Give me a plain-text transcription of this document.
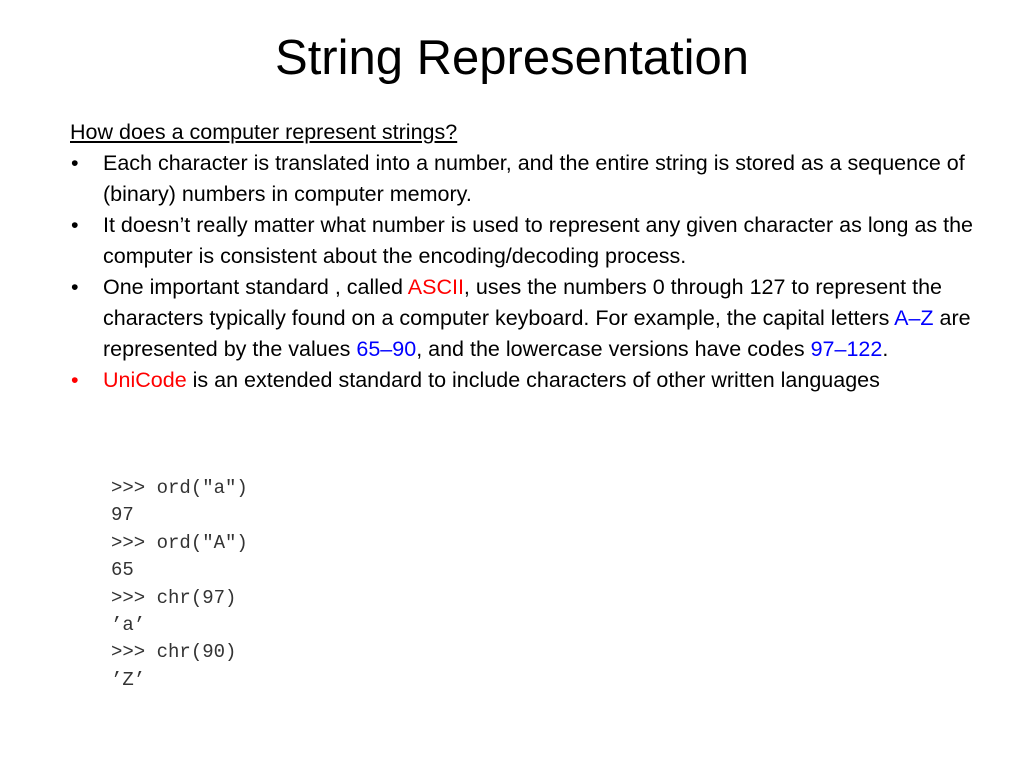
String Representation
How does a computer represent strings?
• Each character is translated into a number, and the entire string is stored as a sequence of (binary) numbers in computer memory.
• It doesn’t really matter what number is used to represent any given character as long as the computer is consistent about the encoding/decoding process.
• One important standard , called ASCII, uses the numbers 0 through 127 to represent the characters typically found on a computer keyboard. For example, the capital letters A–Z are represented by the values 65–90, and the lowercase versions have codes 97–122.
• UniCode is an extended standard to include characters of other written languages
>>> ord("a")
97
>>> ord("A")
65
>>> chr(97)
’a’
>>> chr(90)
’Z’
